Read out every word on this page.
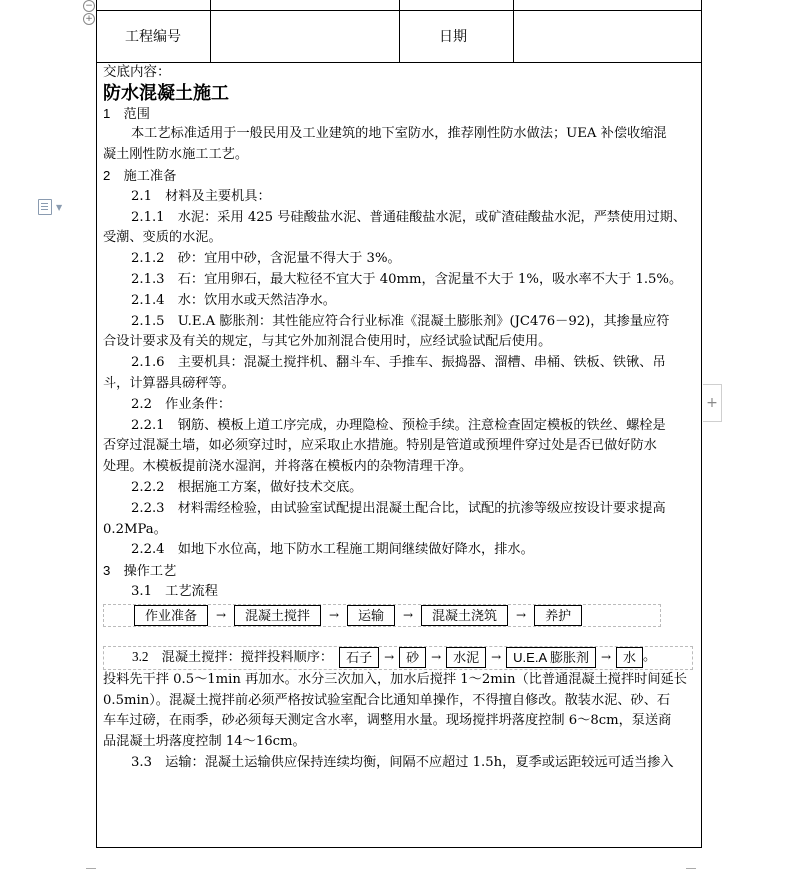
−
+
▼
+
工程编号	日期

交底内容：

防水混凝土施工

1　范围

本工艺标准适用于一般民用及工业建筑的地下室防水，推荐刚性防水做法；UEA 补偿收缩混

凝土刚性防水施工工艺。

2　施工准备

2.1　材料及主要机具：

2.1.1　水泥：采用 425 号硅酸盐水泥、普通硅酸盐水泥，或矿渣硅酸盐水泥，严禁使用过期、

受潮、变质的水泥。

2.1.2　砂：宜用中砂，含泥量不得大于 3%。

2.1.3　石：宜用卵石，最大粒径不宜大于 40mm，含泥量不大于 1%，吸水率不大于 1.5%。

2.1.4　水：饮用水或天然洁净水。

2.1.5　U.E.A 膨胀剂：其性能应符合行业标准《混凝土膨胀剂》(JC476－92)，其掺量应符

合设计要求及有关的规定，与其它外加剂混合使用时，应经试验试配后使用。

2.1.6　主要机具：混凝土搅拌机、翻斗车、手推车、振捣器、溜槽、串桶、铁板、铁锹、吊

斗，计算器具磅秤等。

2.2　作业条件：

2.2.1　钢筋、模板上道工序完成，办理隐检、预检手续。注意检查固定模板的铁丝、螺栓是

否穿过混凝土墙，如必须穿过时，应采取止水措施。特别是管道或预埋件穿过处是否已做好防水

处理。木模板提前浇水湿润，并将落在模板内的杂物清理干净。

2.2.2　根据施工方案，做好技术交底。

2.2.3　材料需经检验，由试验室试配提出混凝土配合比，试配的抗渗等级应按设计要求提高

0.2MPa。

2.2.4　如地下水位高，地下防水工程施工期间继续做好降水，排水。

3　操作工艺

3.1　工艺流程

作业准备	→	混凝土搅拌	→	运输	→	混凝土浇筑	→	养护
3.2　混凝土搅拌：搅拌投料顺序：	石子 → 砂 → 水泥 → U.E.A 膨胀剂 → 水 。

投料先干拌 0.5～1min 再加水。水分三次加入，加水后搅拌 1～2min（比普通混凝土搅拌时间延长

0.5min）。混凝土搅拌前必须严格按试验室配合比通知单操作，不得擅自修改。散装水泥、砂、石

车车过磅，在雨季，砂必须每天测定含水率，调整用水量。现场搅拌坍落度控制 6～8cm，泵送商

品混凝土坍落度控制 14～16cm。

3.3　运输：混凝土运输供应保持连续均衡，间隔不应超过 1.5h，夏季或运距较远可适当掺入
